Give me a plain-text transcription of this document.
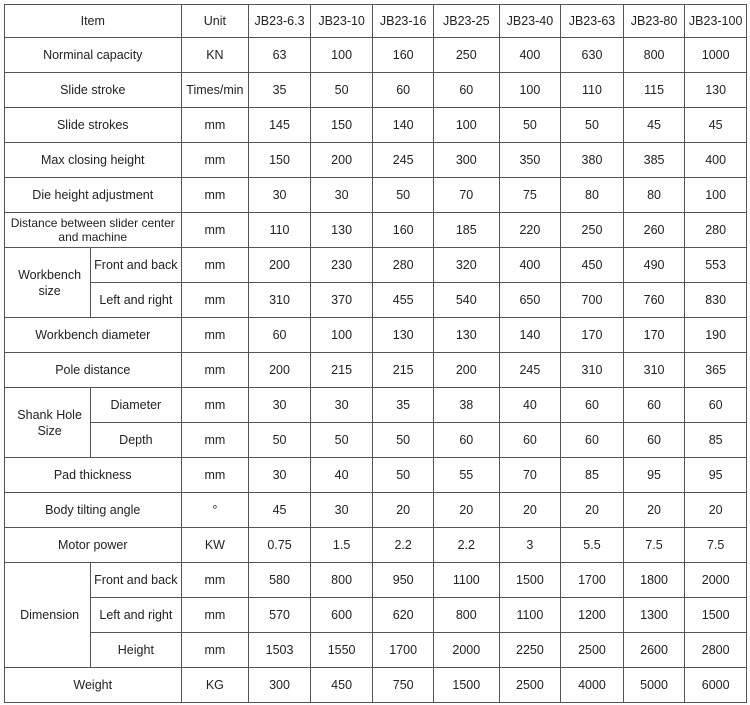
Item		Unit	JB23-6.3	JB23-10	JB23-16	JB23-25	JB23-40	JB23-63	JB23-80	JB23-100
Norminal capacity		KN	63	100	160	250	400	630	800	1000
Slide stroke		Times/min	35	50	60	60	100	110	115	130
Slide strokes		mm	145	150	140	100	50	50	45	45
Max closing height		mm	150	200	245	300	350	380	385	400
Die height adjustment		mm	30	30	50	70	75	80	80	100
Distance between slider center and machine		mm	110	130	160	185	220	250	260	280
Workbench size	Front and back	mm	200	230	280	320	400	450	490	553
	Left and right	mm	310	370	455	540	650	700	760	830
Workbench diameter		mm	60	100	130	130	140	170	170	190
Pole distance		mm	200	215	215	200	245	310	310	365
Shank Hole Size	Diameter	mm	30	30	35	38	40	60	60	60
	Depth	mm	50	50	50	60	60	60	60	85
Pad thickness		mm	30	40	50	55	70	85	95	95
Body tilting angle		°	45	30	20	20	20	20	20	20
Motor power		KW	0.75	1.5	2.2	2.2	3	5.5	7.5	7.5
Dimension	Front and back	mm	580	800	950	1100	1500	1700	1800	2000
	Left and right	mm	570	600	620	800	1100	1200	1300	1500
	Height	mm	1503	1550	1700	2000	2250	2500	2600	2800
Weight		KG	300	450	750	1500	2500	4000	5000	6000
